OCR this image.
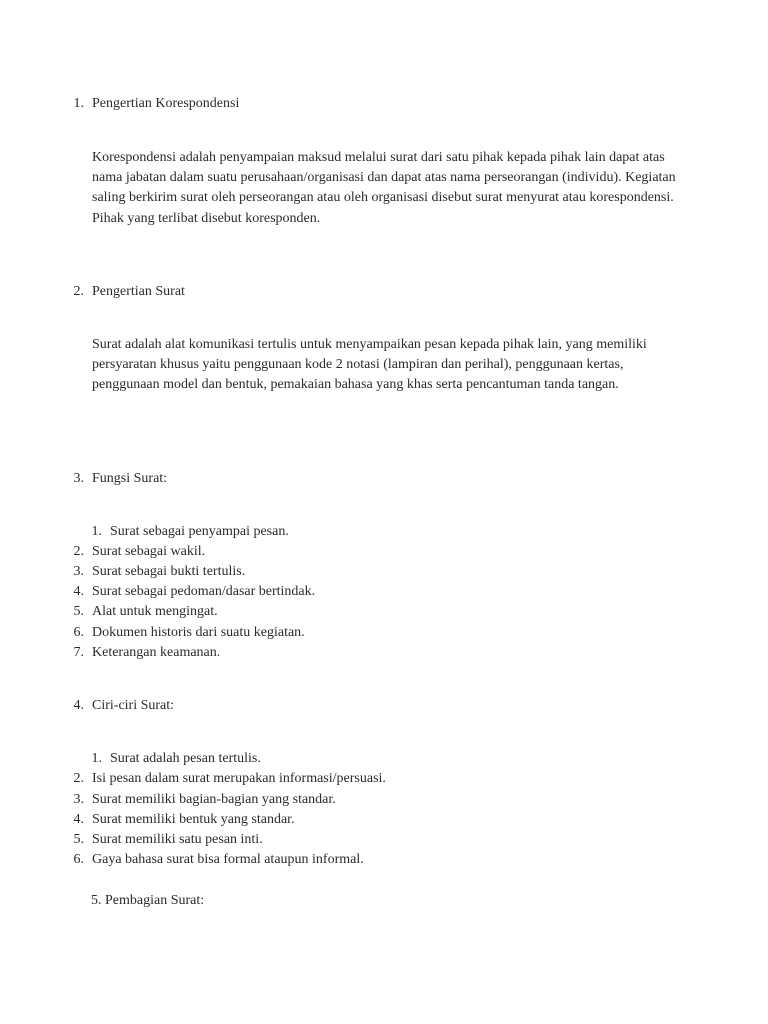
1. Pengertian Korespondensi
Korespondensi adalah penyampaian maksud melalui surat dari satu pihak kepada pihak lain dapat atas nama jabatan dalam suatu perusahaan/organisasi dan dapat atas nama perseorangan (individu). Kegiatan saling berkirim surat oleh perseorangan atau oleh organisasi disebut surat menyurat atau korespondensi. Pihak yang terlibat disebut koresponden.
2. Pengertian Surat
Surat adalah alat komunikasi tertulis untuk menyampaikan pesan kepada pihak lain, yang memiliki persyaratan khusus yaitu penggunaan kode 2 notasi (lampiran dan perihal), penggunaan kertas, penggunaan model dan bentuk, pemakaian bahasa yang khas serta pencantuman tanda tangan.
3. Fungsi Surat:
1. Surat sebagai penyampai pesan.
2. Surat sebagai wakil.
3. Surat sebagai bukti tertulis.
4. Surat sebagai pedoman/dasar bertindak.
5. Alat untuk mengingat.
6. Dokumen historis dari suatu kegiatan.
7. Keterangan keamanan.
4. Ciri-ciri Surat:
1. Surat adalah pesan tertulis.
2. Isi pesan dalam surat merupakan informasi/persuasi.
3. Surat memiliki bagian-bagian yang standar.
4. Surat memiliki bentuk yang standar.
5. Surat memiliki satu pesan inti.
6. Gaya bahasa surat bisa formal ataupun informal.
5. Pembagian Surat:
